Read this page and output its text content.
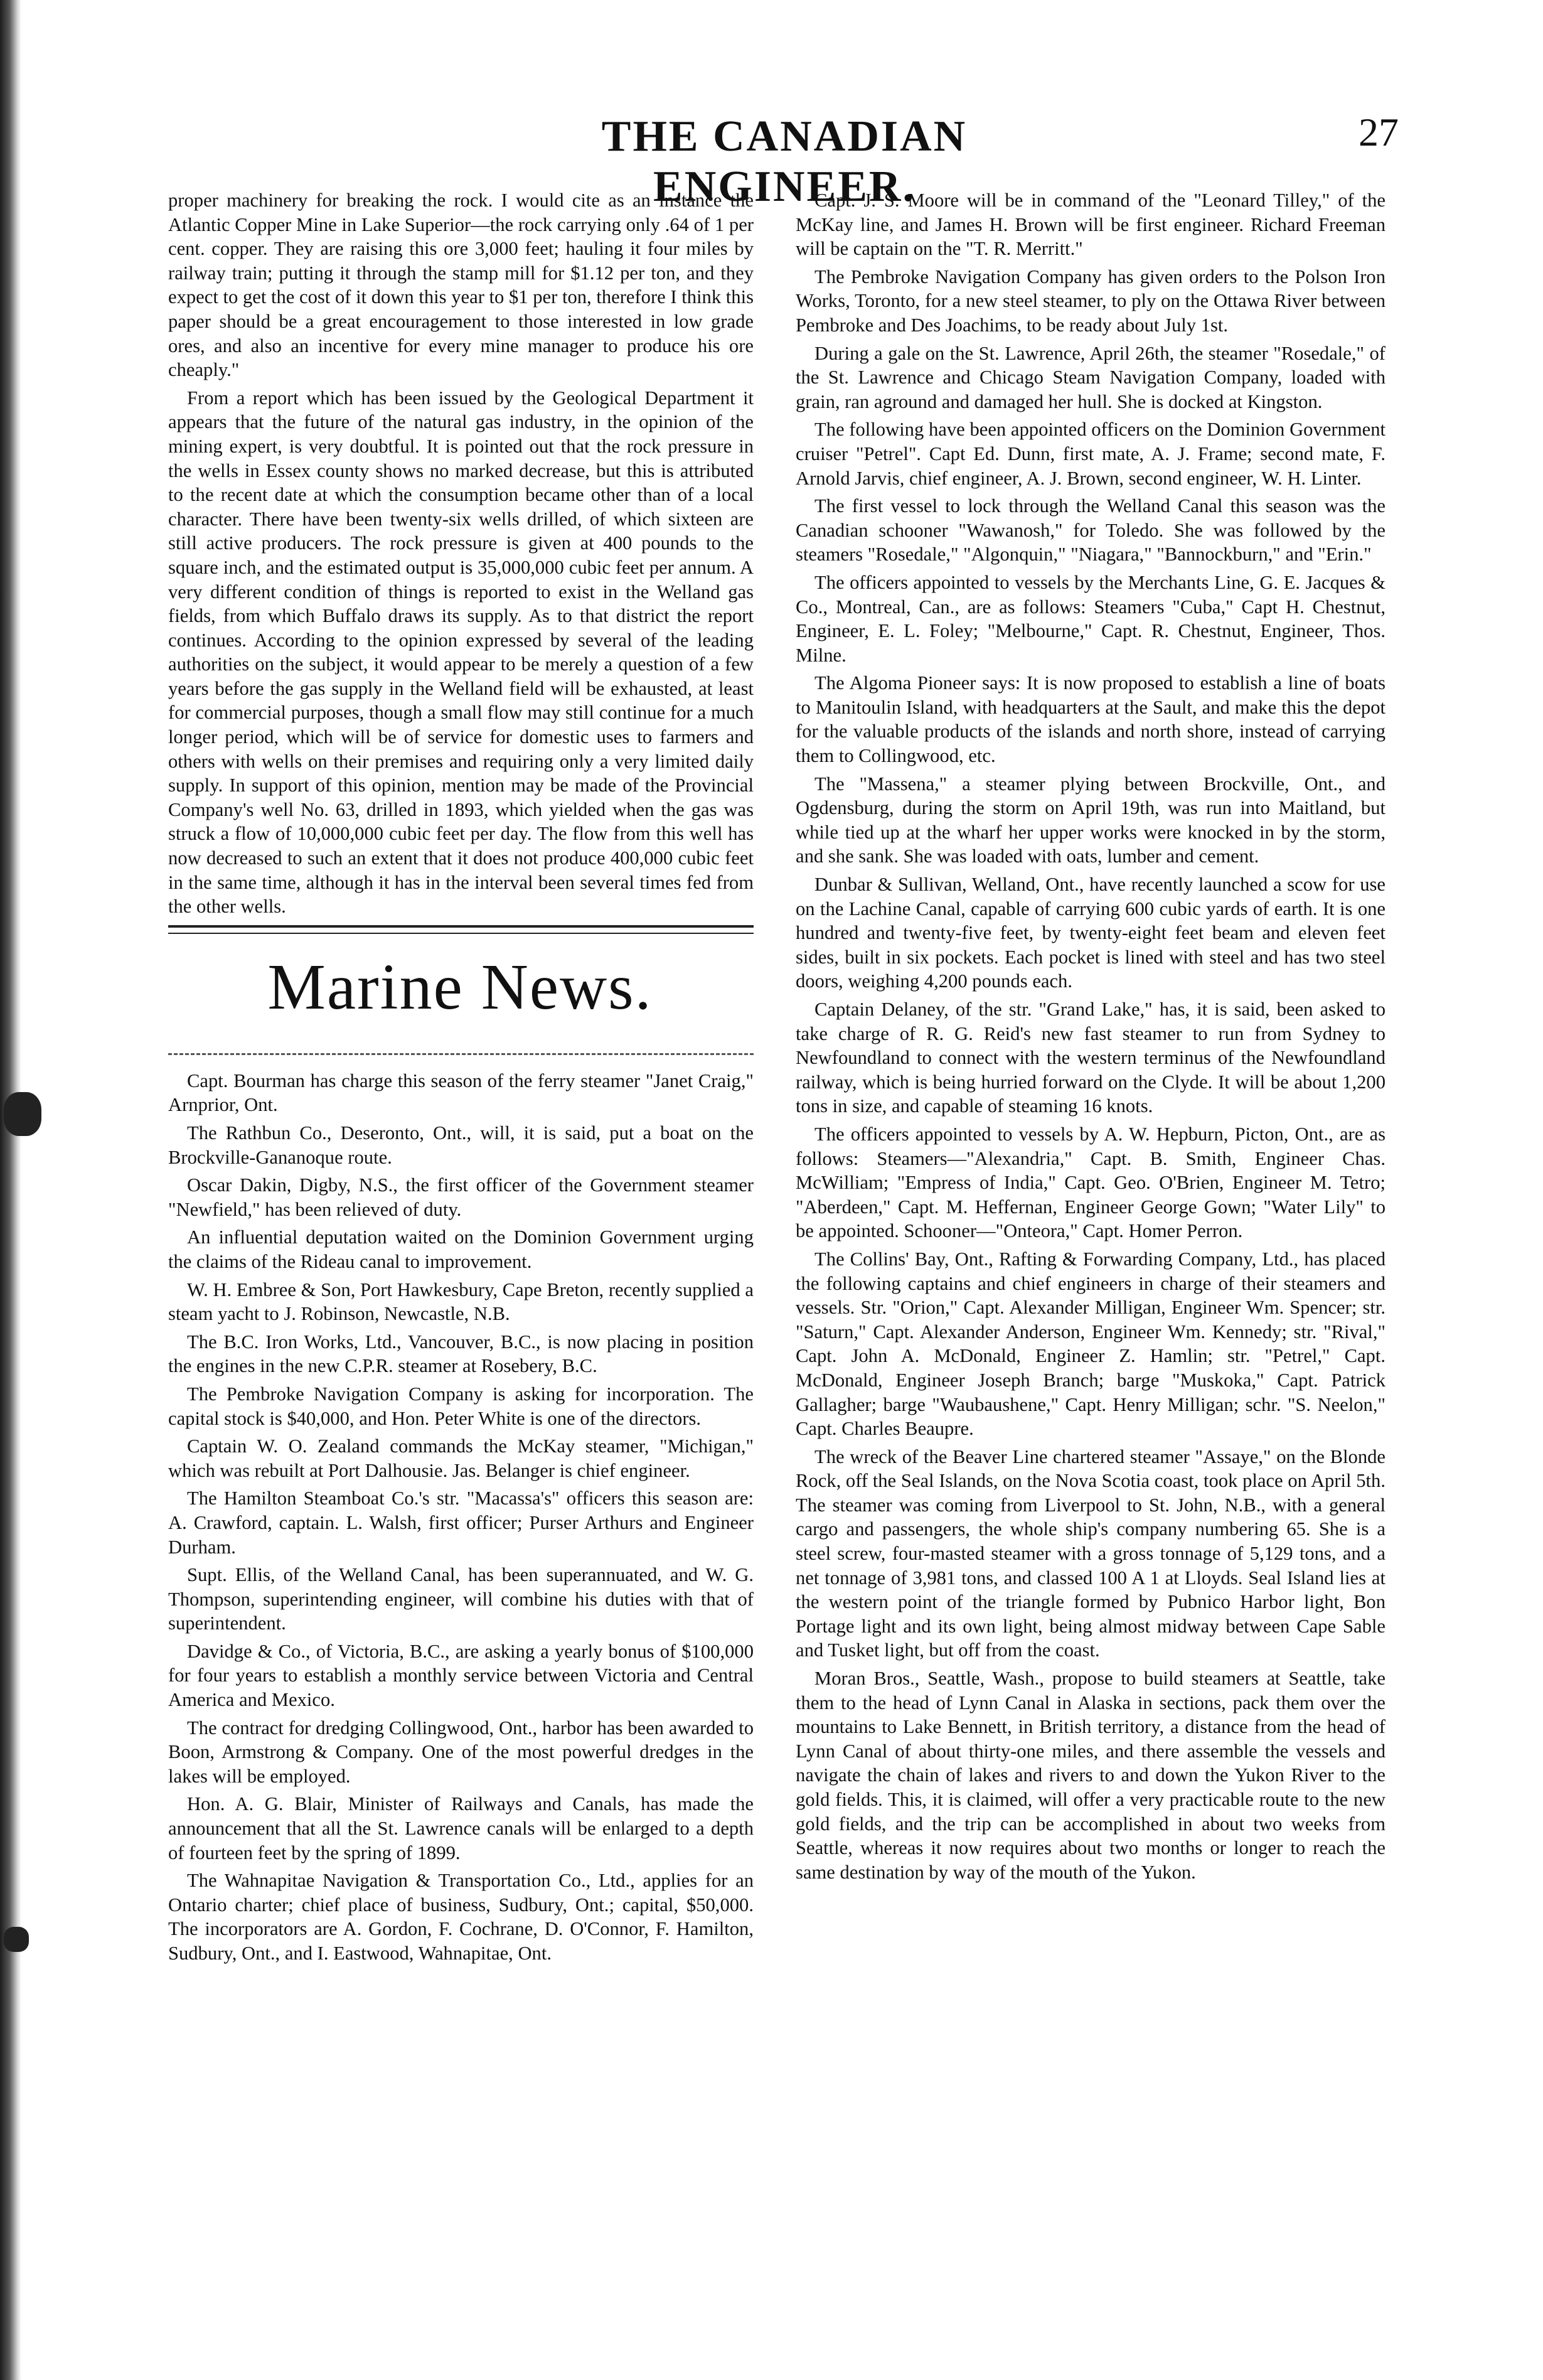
THE CANADIAN ENGINEER.
27

proper machinery for breaking the rock. I would cite as an instance the Atlantic Copper Mine in Lake Superior—the rock carrying only .64 of 1 per cent. copper. They are raising this ore 3,000 feet; hauling it four miles by railway train; putting it through the stamp mill for $1.12 per ton, and they expect to get the cost of it down this year to $1 per ton, therefore I think this paper should be a great encouragement to those interested in low grade ores, and also an incentive for every mine manager to produce his ore cheaply."

From a report which has been issued by the Geological Department it appears that the future of the natural gas industry, in the opinion of the mining expert, is very doubtful. It is pointed out that the rock pressure in the wells in Essex county shows no marked decrease, but this is attributed to the recent date at which the consumption became other than of a local character. There have been twenty-six wells drilled, of which sixteen are still active producers. The rock pressure is given at 400 pounds to the square inch, and the estimated output is 35,000,000 cubic feet per annum. A very different condition of things is reported to exist in the Welland gas fields, from which Buffalo draws its supply. As to that district the report continues. According to the opinion expressed by several of the leading authorities on the subject, it would appear to be merely a question of a few years before the gas supply in the Welland field will be exhausted, at least for commercial purposes, though a small flow may still continue for a much longer period, which will be of service for domestic uses to farmers and others with wells on their premises and requiring only a very limited daily supply. In support of this opinion, mention may be made of the Provincial Company's well No. 63, drilled in 1893, which yielded when the gas was struck a flow of 10,000,000 cubic feet per day. The flow from this well has now decreased to such an extent that it does not produce 400,000 cubic feet in the same time, although it has in the interval been several times fed from the other wells.

Marine News.

Capt. Bourman has charge this season of the ferry steamer "Janet Craig," Arnprior, Ont.

The Rathbun Co., Deseronto, Ont., will, it is said, put a boat on the Brockville-Gananoque route.

Oscar Dakin, Digby, N.S., the first officer of the Government steamer "Newfield," has been relieved of duty.

An influential deputation waited on the Dominion Government urging the claims of the Rideau canal to improvement.

W. H. Embree & Son, Port Hawkesbury, Cape Breton, recently supplied a steam yacht to J. Robinson, Newcastle, N.B.

The B.C. Iron Works, Ltd., Vancouver, B.C., is now placing in position the engines in the new C.P.R. steamer at Rosebery, B.C.

The Pembroke Navigation Company is asking for incorporation. The capital stock is $40,000, and Hon. Peter White is one of the directors.

Captain W. O. Zealand commands the McKay steamer, "Michigan," which was rebuilt at Port Dalhousie. Jas. Belanger is chief engineer.

The Hamilton Steamboat Co.'s str. "Macassa's" officers this season are: A. Crawford, captain. L. Walsh, first officer; Purser Arthurs and Engineer Durham.

Supt. Ellis, of the Welland Canal, has been superannuated, and W. G. Thompson, superintending engineer, will combine his duties with that of superintendent.

Davidge & Co., of Victoria, B.C., are asking a yearly bonus of $100,000 for four years to establish a monthly service between Victoria and Central America and Mexico.

The contract for dredging Collingwood, Ont., harbor has been awarded to Boon, Armstrong & Company. One of the most powerful dredges in the lakes will be employed.

Hon. A. G. Blair, Minister of Railways and Canals, has made the announcement that all the St. Lawrence canals will be enlarged to a depth of fourteen feet by the spring of 1899.

The Wahnapitae Navigation & Transportation Co., Ltd., applies for an Ontario charter; chief place of business, Sudbury, Ont.; capital, $50,000. The incorporators are A. Gordon, F. Cochrane, D. O'Connor, F. Hamilton, Sudbury, Ont., and I. Eastwood, Wahnapitae, Ont.

Capt. J. S. Moore will be in command of the "Leonard Tilley," of the McKay line, and James H. Brown will be first engineer. Richard Freeman will be captain on the "T. R. Merritt."

The Pembroke Navigation Company has given orders to the Polson Iron Works, Toronto, for a new steel steamer, to ply on the Ottawa River between Pembroke and Des Joachims, to be ready about July 1st.

During a gale on the St. Lawrence, April 26th, the steamer "Rosedale," of the St. Lawrence and Chicago Steam Navigation Company, loaded with grain, ran aground and damaged her hull. She is docked at Kingston.

The following have been appointed officers on the Dominion Government cruiser "Petrel". Capt Ed. Dunn, first mate, A. J. Frame; second mate, F. Arnold Jarvis, chief engineer, A. J. Brown, second engineer, W. H. Linter.

The first vessel to lock through the Welland Canal this season was the Canadian schooner "Wawanosh," for Toledo. She was followed by the steamers "Rosedale," "Algonquin," "Niagara," "Bannockburn," and "Erin."

The officers appointed to vessels by the Merchants Line, G. E. Jacques & Co., Montreal, Can., are as follows: Steamers "Cuba," Capt H. Chestnut, Engineer, E. L. Foley; "Melbourne," Capt. R. Chestnut, Engineer, Thos. Milne.

The Algoma Pioneer says: It is now proposed to establish a line of boats to Manitoulin Island, with headquarters at the Sault, and make this the depot for the valuable products of the islands and north shore, instead of carrying them to Collingwood, etc.

The "Massena," a steamer plying between Brockville, Ont., and Ogdensburg, during the storm on April 19th, was run into Maitland, but while tied up at the wharf her upper works were knocked in by the storm, and she sank. She was loaded with oats, lumber and cement.

Dunbar & Sullivan, Welland, Ont., have recently launched a scow for use on the Lachine Canal, capable of carrying 600 cubic yards of earth. It is one hundred and twenty-five feet, by twenty-eight feet beam and eleven feet sides, built in six pockets. Each pocket is lined with steel and has two steel doors, weighing 4,200 pounds each.

Captain Delaney, of the str. "Grand Lake," has, it is said, been asked to take charge of R. G. Reid's new fast steamer to run from Sydney to Newfoundland to connect with the western terminus of the Newfoundland railway, which is being hurried forward on the Clyde. It will be about 1,200 tons in size, and capable of steaming 16 knots.

The officers appointed to vessels by A. W. Hepburn, Picton, Ont., are as follows: Steamers—"Alexandria," Capt. B. Smith, Engineer Chas. McWilliam; "Empress of India," Capt. Geo. O'Brien, Engineer M. Tetro; "Aberdeen," Capt. M. Heffernan, Engineer George Gown; "Water Lily" to be appointed. Schooner—"Onteora," Capt. Homer Perron.

The Collins' Bay, Ont., Rafting & Forwarding Company, Ltd., has placed the following captains and chief engineers in charge of their steamers and vessels. Str. "Orion," Capt. Alexander Milligan, Engineer Wm. Spencer; str. "Saturn," Capt. Alexander Anderson, Engineer Wm. Kennedy; str. "Rival," Capt. John A. McDonald, Engineer Z. Hamlin; str. "Petrel," Capt. McDonald, Engineer Joseph Branch; barge "Muskoka," Capt. Patrick Gallagher; barge "Waubaushene," Capt. Henry Milligan; schr. "S. Neelon," Capt. Charles Beaupre.

The wreck of the Beaver Line chartered steamer "Assaye," on the Blonde Rock, off the Seal Islands, on the Nova Scotia coast, took place on April 5th. The steamer was coming from Liverpool to St. John, N.B., with a general cargo and passengers, the whole ship's company numbering 65. She is a steel screw, four-masted steamer with a gross tonnage of 5,129 tons, and a net tonnage of 3,981 tons, and classed 100 A 1 at Lloyds. Seal Island lies at the western point of the triangle formed by Pubnico Harbor light, Bon Portage light and its own light, being almost midway between Cape Sable and Tusket light, but off from the coast.

Moran Bros., Seattle, Wash., propose to build steamers at Seattle, take them to the head of Lynn Canal in Alaska in sections, pack them over the mountains to Lake Bennett, in British territory, a distance from the head of Lynn Canal of about thirty-one miles, and there assemble the vessels and navigate the chain of lakes and rivers to and down the Yukon River to the gold fields. This, it is claimed, will offer a very practicable route to the new gold fields, and the trip can be accomplished in about two weeks from Seattle, whereas it now requires about two months or longer to reach the same destination by way of the mouth of the Yukon.
